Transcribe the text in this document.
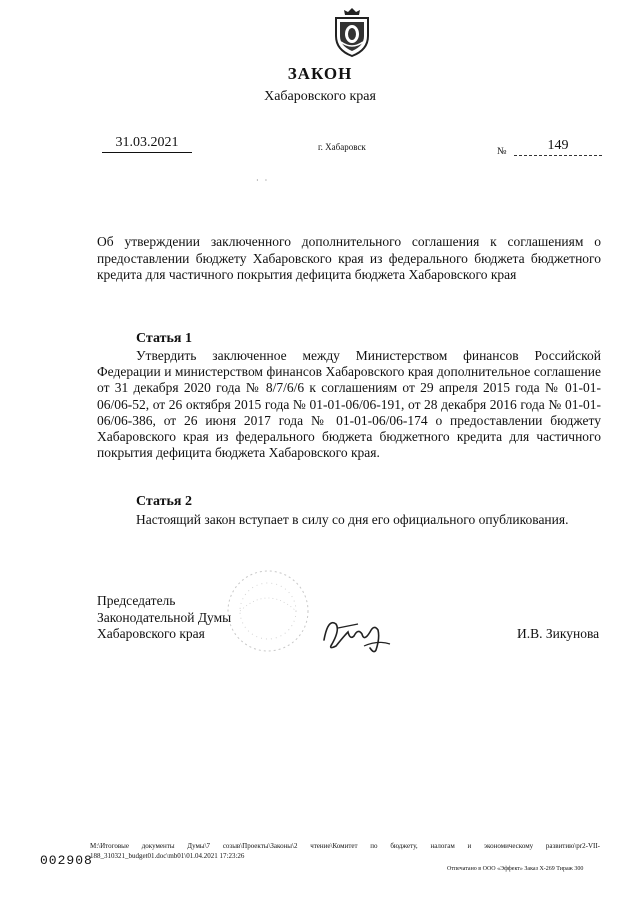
ЗАКОН
Хабаровского края
31.03.2021	г. Хабаровск	№	149
· ·
Об утверждении заключенного дополнительного соглашения к соглашениям о предоставлении бюджету Хабаровского края из федерального бюджета бюджетного кредита для частичного покрытия дефицита бюджета Хабаровского края
Статья 1
Утвердить заключенное между Министерством финансов Российской Федерации и министерством финансов Хабаровского края дополнительное соглашение от 31 декабря 2020 года № 8/7/6/6 к соглашениям от 29 апреля 2015 года № 01-01-06/06-52, от 26 октября 2015 года № 01-01-06/06-191, от 28 декабря 2016 года № 01-01-06/06-386, от 26 июня 2017 года № 01-01-06/06-174 о предоставлении бюджету Хабаровского края из федерального бюджета бюджетного кредита для частичного покрытия дефицита бюджета Хабаровского края.
Статья 2
Настоящий закон вступает в силу со дня его официального опубликования.
Председатель
Законодательной Думы
Хабаровского края	И.В. Зикунова
002908
M:\Итоговые документы Думы\7 созыв\Проекты\Законы\2 чтение\Комитет по бюджету, налогам и экономическому развитию\pr2-VII-188_310321_budget01.doc\mb01\01.04.2021 17:23:26
Отпечатано в ООО «Эффект» Заказ Х-269 Тираж 300
